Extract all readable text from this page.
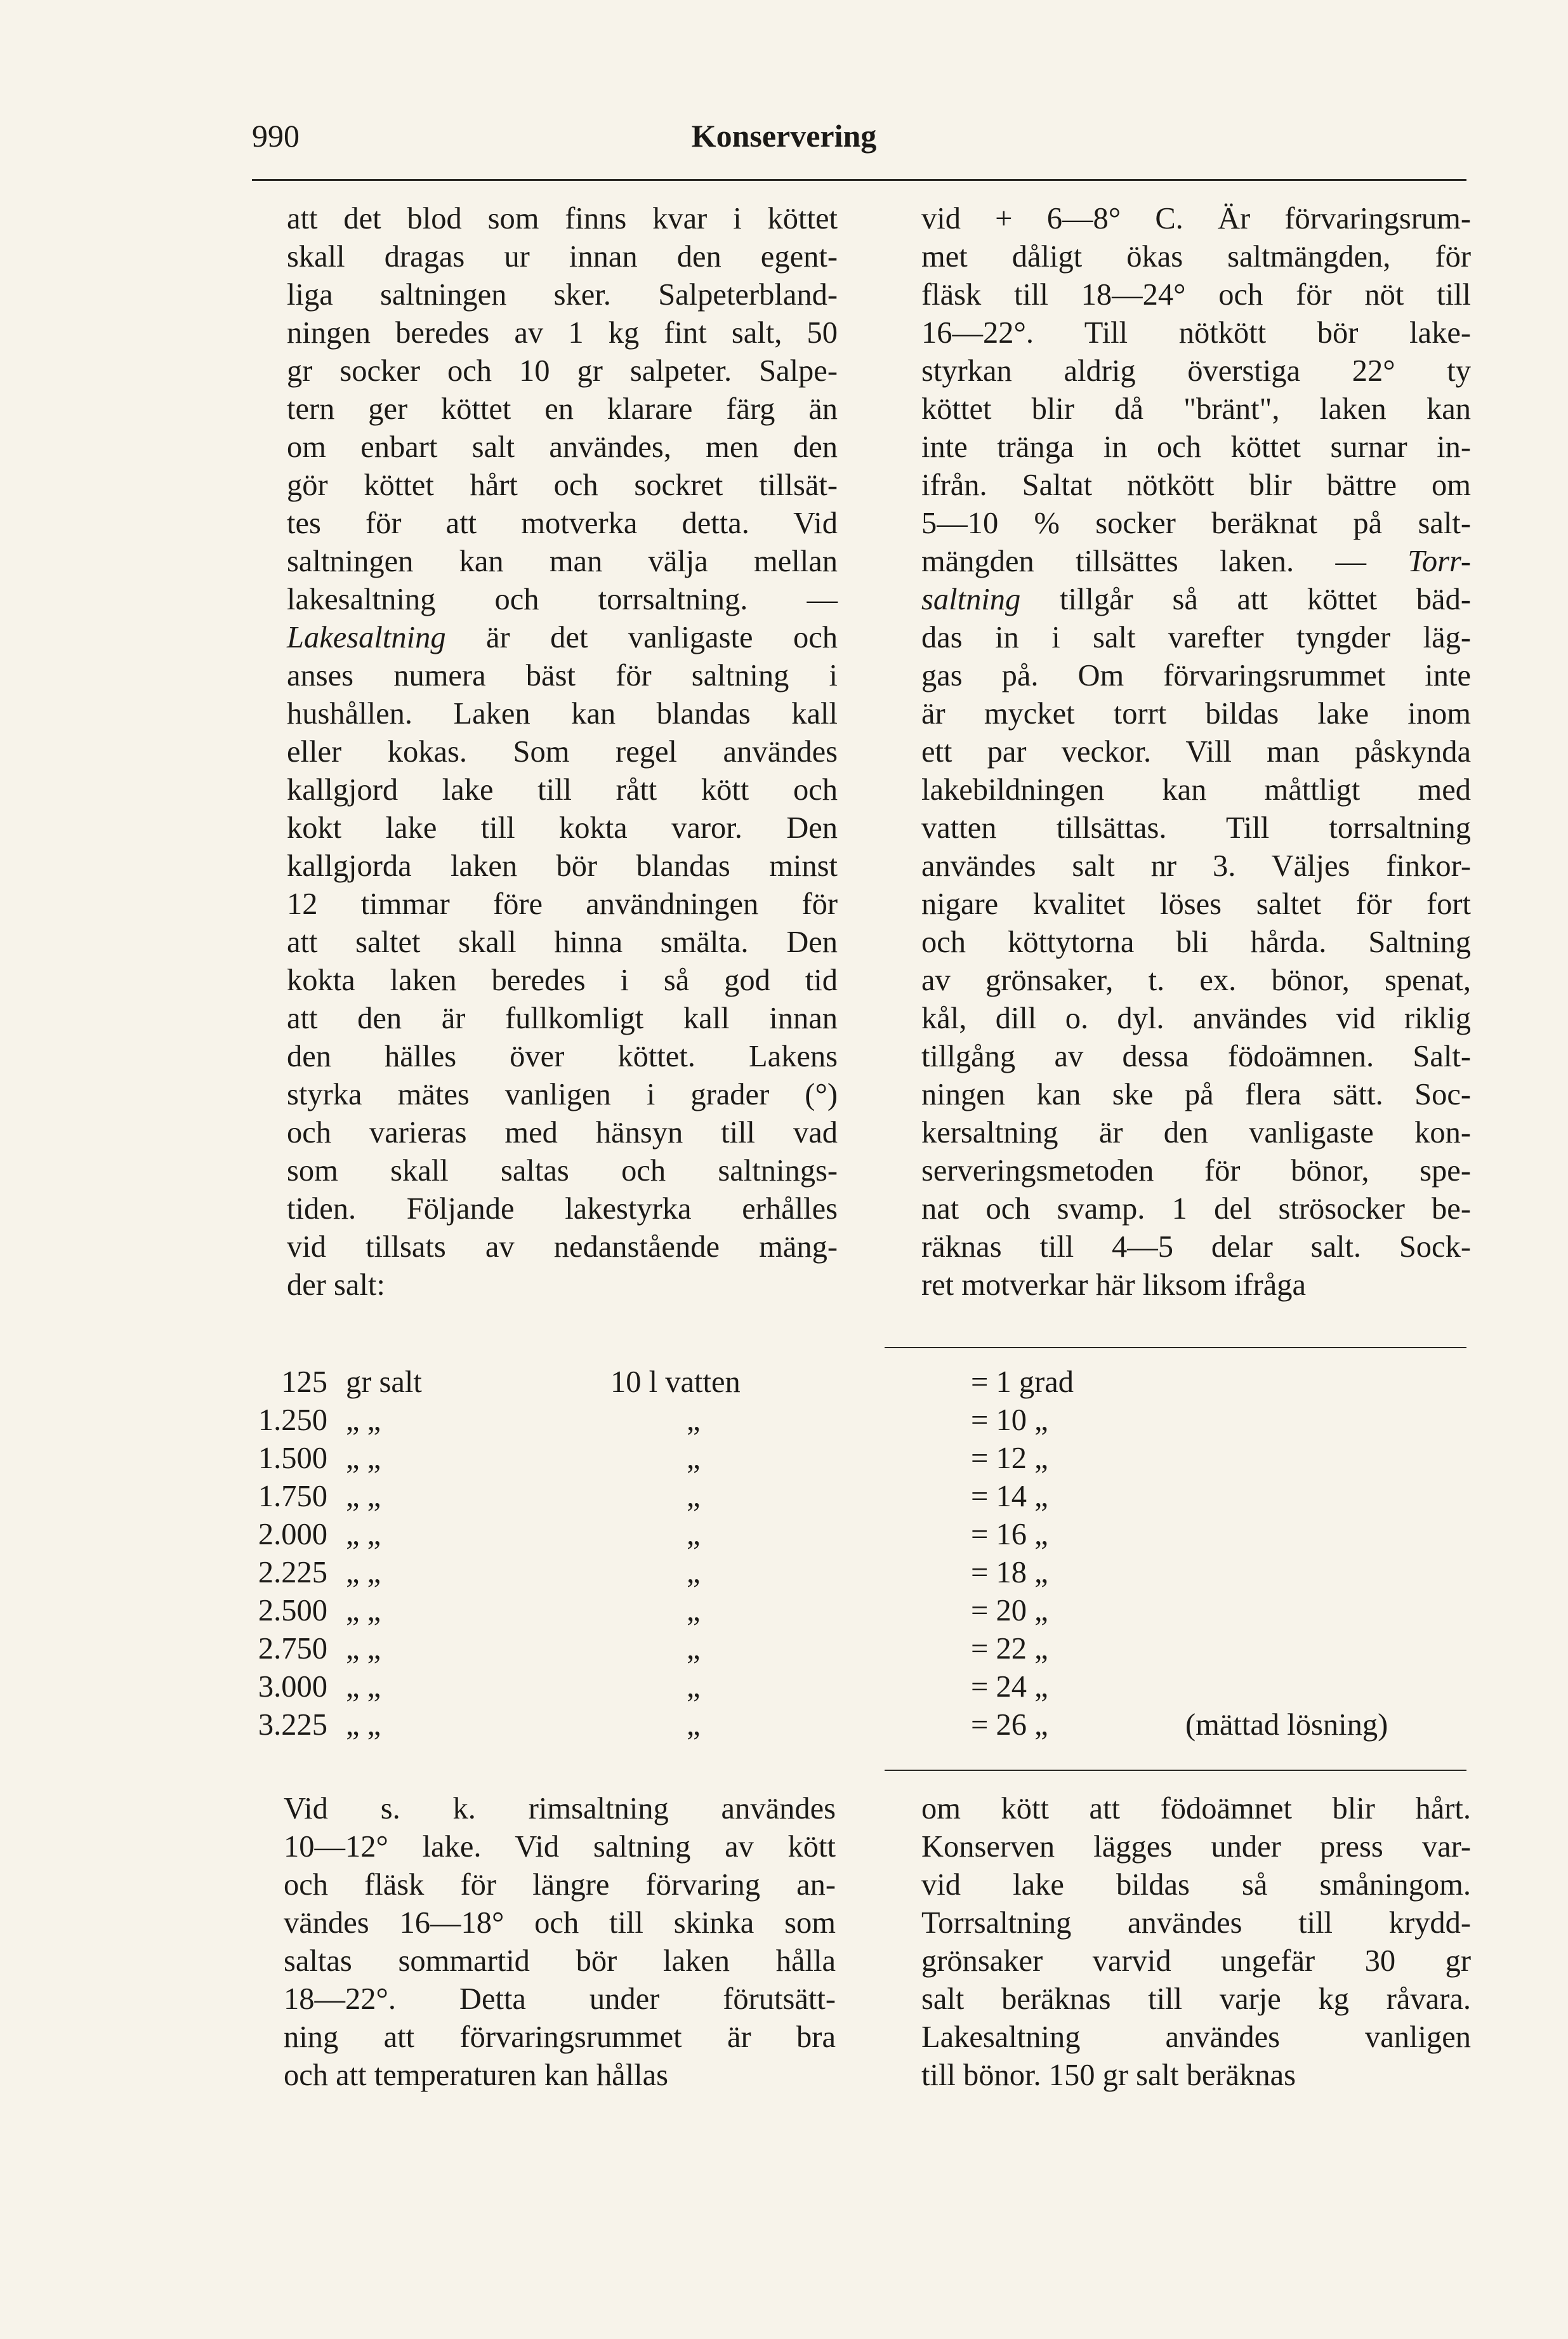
990	Konservering
att det blod som finns kvar i köttet
skall dragas ur innan den egent-
liga saltningen sker. Salpeterbland-
ningen beredes av 1 kg fint salt, 50
gr socker och 10 gr salpeter. Salpe-
tern ger köttet en klarare färg än
om enbart salt användes, men den
gör köttet hårt och sockret tillsät-
tes för att motverka detta. Vid
saltningen kan man välja mellan
lakesaltning och torrsaltning. —
Lakesaltning är det vanligaste och
anses numera bäst för saltning i
hushållen. Laken kan blandas kall
eller kokas. Som regel användes
kallgjord lake till rått kött och
kokt lake till kokta varor. Den
kallgjorda laken bör blandas minst
12 timmar före användningen för
att saltet skall hinna smälta. Den
kokta laken beredes i så god tid
att den är fullkomligt kall innan
den hälles över köttet. Lakens
styrka mätes vanligen i grader (°)
och varieras med hänsyn till vad
som skall saltas och saltnings-
tiden. Följande lakestyrka erhålles
vid tillsats av nedanstående mäng-
der salt:
vid + 6—8° C. Är förvaringsrum-
met dåligt ökas saltmängden, för
fläsk till 18—24° och för nöt till
16—22°. Till nötkött bör lake-
styrkan aldrig överstiga 22° ty
köttet blir då "bränt", laken kan
inte tränga in och köttet surnar in-
ifrån. Saltat nötkött blir bättre om
5—10 % socker beräknat på salt-
mängden tillsättes laken. — Torr-
saltning tillgår så att köttet bäd-
das in i salt varefter tyngder läg-
gas på. Om förvaringsrummet inte
är mycket torrt bildas lake inom
ett par veckor. Vill man påskynda
lakebildningen kan måttligt med
vatten tillsättas. Till torrsaltning
användes salt nr 3. Väljes finkor-
nigare kvalitet löses saltet för fort
och köttytorna bli hårda. Saltning
av grönsaker, t. ex. bönor, spenat,
kål, dill o. dyl. användes vid riklig
tillgång av dessa födoämnen. Salt-
ningen kan ske på flera sätt. Soc-
kersaltning är den vanligaste kon-
serveringsmetoden för bönor, spe-
nat och svamp. 1 del strösocker be-
räknas till 4—5 delar salt. Sock-
ret motverkar här liksom ifråga
125 gr salt	10 l vatten	= 1 grad
1.250 „ „	„	= 10 „
1.500 „ „	„	= 12 „
1.750 „ „	„	= 14 „
2.000 „ „	„	= 16 „
2.225 „ „	„	= 18 „
2.500 „ „	„	= 20 „
2.750 „ „	„	= 22 „
3.000 „ „	„	= 24 „
3.225 „ „	„	= 26 „	(mättad lösning)
Vid s. k. rimsaltning användes
10—12° lake. Vid saltning av kött
och fläsk för längre förvaring an-
vändes 16—18° och till skinka som
saltas sommartid bör laken hålla
18—22°. Detta under förutsätt-
ning att förvaringsrummet är bra
och att temperaturen kan hållas
om kött att födoämnet blir hårt.
Konserven lägges under press var-
vid lake bildas så småningom.
Torrsaltning användes till krydd-
grönsaker varvid ungefär 30 gr
salt beräknas till varje kg råvara.
Lakesaltning användes vanligen
till bönor. 150 gr salt beräknas
